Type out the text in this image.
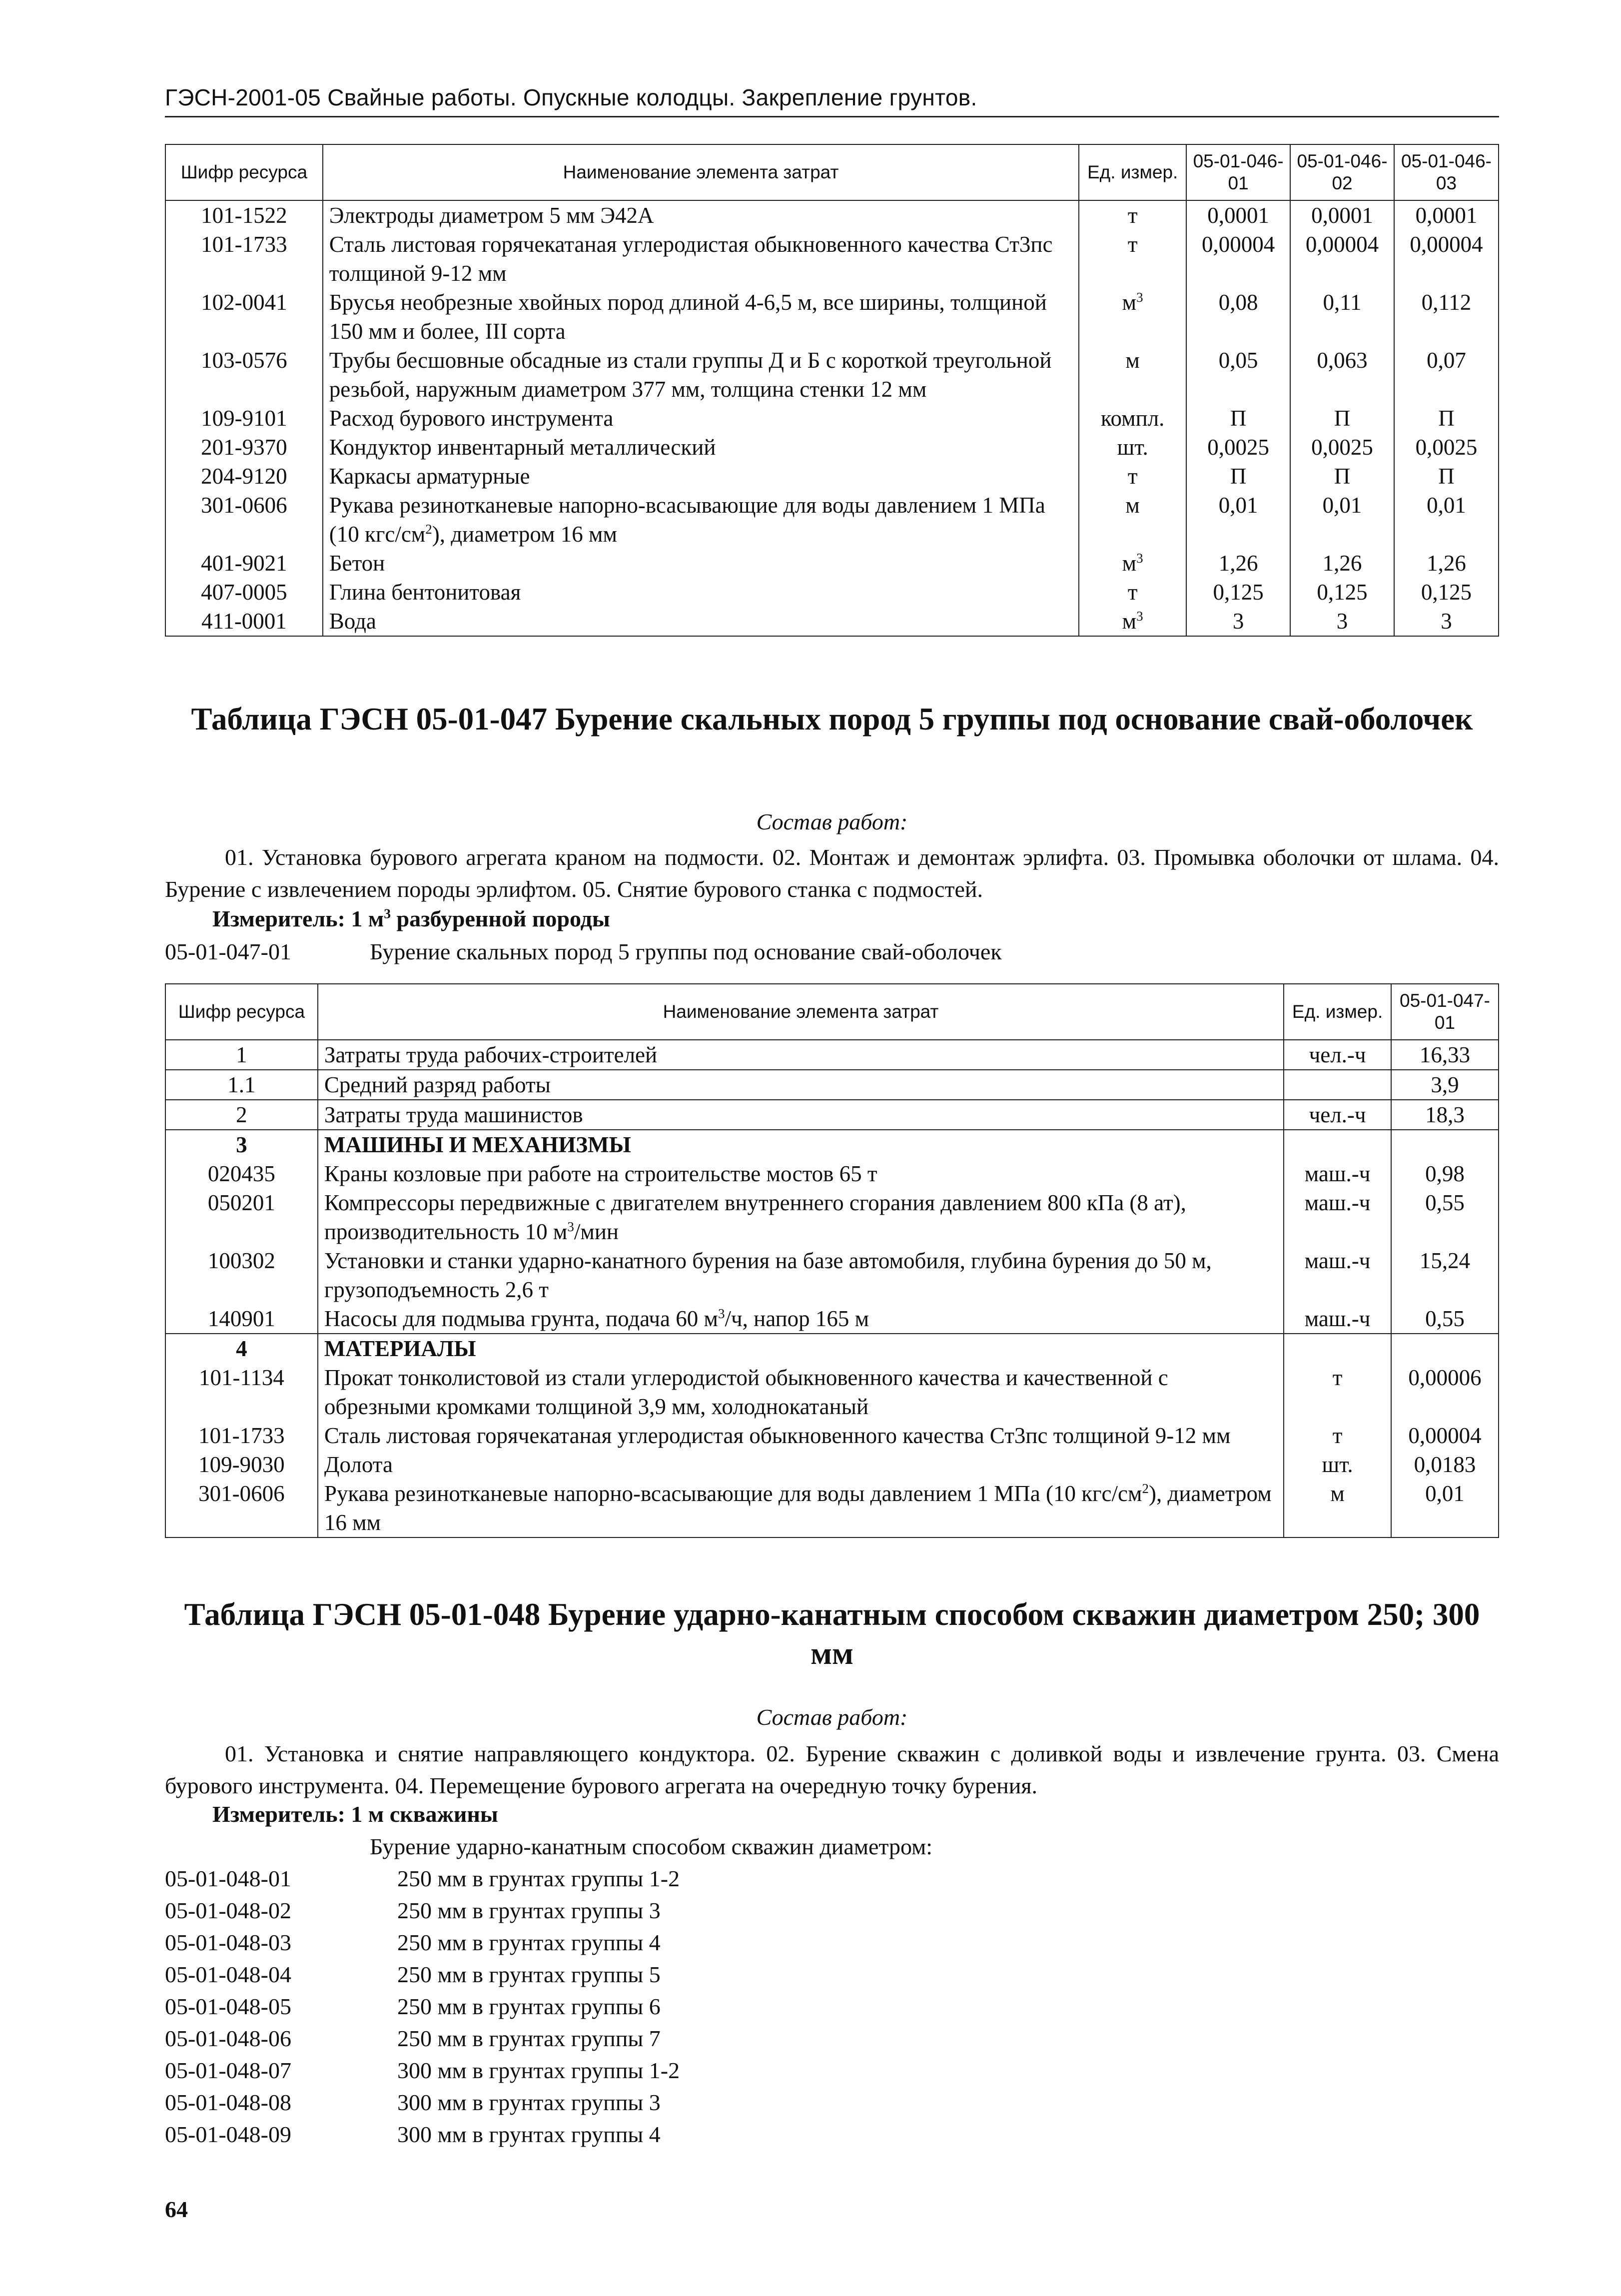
ГЭСН-2001-05 Свайные работы. Опускные колодцы. Закрепление грунтов.
Шифр ресурса	Наименование элемента затрат	Ед. измер.	05-01-046-01	05-01-046-02	05-01-046-03
101-1522	Электроды диаметром 5 мм Э42А	т	0,0001	0,0001	0,0001
101-1733	Сталь листовая горячекатаная углеродистая обыкновенного качества Ст3пс толщиной 9-12 мм	т	0,00004	0,00004	0,00004
102-0041	Брусья необрезные хвойных пород длиной 4-6,5 м, все ширины, толщиной 150 мм и более, III сорта	$м^3$	0,08	0,11	0,112
103-0576	Трубы бесшовные обсадные из стали группы Д и Б с короткой треугольной резьбой, наружным диаметром 377 мм, толщина стенки 12 мм	м	0,05	0,063	0,07
109-9101	Расход бурового инструмента	компл.	П	П	П
201-9370	Кондуктор инвентарный металлический	шт.	0,0025	0,0025	0,0025
204-9120	Каркасы арматурные	т	П	П	П
301-0606	Рукава резинотканевые напорно-всасывающие для воды давлением 1 МПа (10 кгс/$см^2$), диаметром 16 мм	м	0,01	0,01	0,01
401-9021	Бетон	$м^3$	1,26	1,26	1,26
407-0005	Глина бентонитовая	т	0,125	0,125	0,125
411-0001	Вода	$м^3$	3	3	3
Таблица ГЭСН 05-01-047 Бурение скальных пород 5 группы под основание свай-оболочек
Состав работ:
01. Установка бурового агрегата краном на подмости. 02. Монтаж и демонтаж эрлифта. 03. Промывка оболочки от шлама. 04. Бурение с извлечением породы эрлифтом. 05. Снятие бурового станка с подмостей.
Измеритель: 1 $м^3$ разбуренной породы
05-01-047-01	Бурение скальных пород 5 группы под основание свай-оболочек
Шифр ресурса	Наименование элемента затрат	Ед. измер.	05-01-047-01
1	Затраты труда рабочих-строителей	чел.-ч	16,33
1.1	Средний разряд работы		3,9
2	Затраты труда машинистов	чел.-ч	18,3
3	МАШИНЫ И МЕХАНИЗМЫ		
020435	Краны козловые при работе на строительстве мостов 65 т	маш.-ч	0,98
050201	Компрессоры передвижные с двигателем внутреннего сгорания давлением 800 кПа (8 ат), производительность 10 $м^3$/мин	маш.-ч	0,55
100302	Установки и станки ударно-канатного бурения на базе автомобиля, глубина бурения до 50 м, грузоподъемность 2,6 т	маш.-ч	15,24
140901	Насосы для подмыва грунта, подача 60 $м^3/ч$, напор 165 м	маш.-ч	0,55
4	МАТЕРИАЛЫ		
101-1134	Прокат тонколистовой из стали углеродистой обыкновенного качества и качественной с обрезными кромками толщиной 3,9 мм, холоднокатаный	т	0,00006
101-1733	Сталь листовая горячекатаная углеродистая обыкновенного качества Ст3пс толщиной 9-12 мм	т	0,00004
109-9030	Долота	шт.	0,0183
301-0606	Рукава резинотканевые напорно-всасывающие для воды давлением 1 МПа (10 кгс/$см^2$), диаметром 16 мм	м	0,01
Таблица ГЭСН 05-01-048 Бурение ударно-канатным способом скважин диаметром 250; 300 мм
Состав работ:
01. Установка и снятие направляющего кондуктора. 02. Бурение скважин с доливкой воды и извлечение грунта. 03. Смена бурового инструмента. 04. Перемещение бурового агрегата на очередную точку бурения.
Измеритель: 1 м скважины
Бурение ударно-канатным способом скважин диаметром:
05-01-048-01	250 мм в грунтах группы 1-2
05-01-048-02	250 мм в грунтах группы 3
05-01-048-03	250 мм в грунтах группы 4
05-01-048-04	250 мм в грунтах группы 5
05-01-048-05	250 мм в грунтах группы 6
05-01-048-06	250 мм в грунтах группы 7
05-01-048-07	300 мм в грунтах группы 1-2
05-01-048-08	300 мм в грунтах группы 3
05-01-048-09	300 мм в грунтах группы 4
64
